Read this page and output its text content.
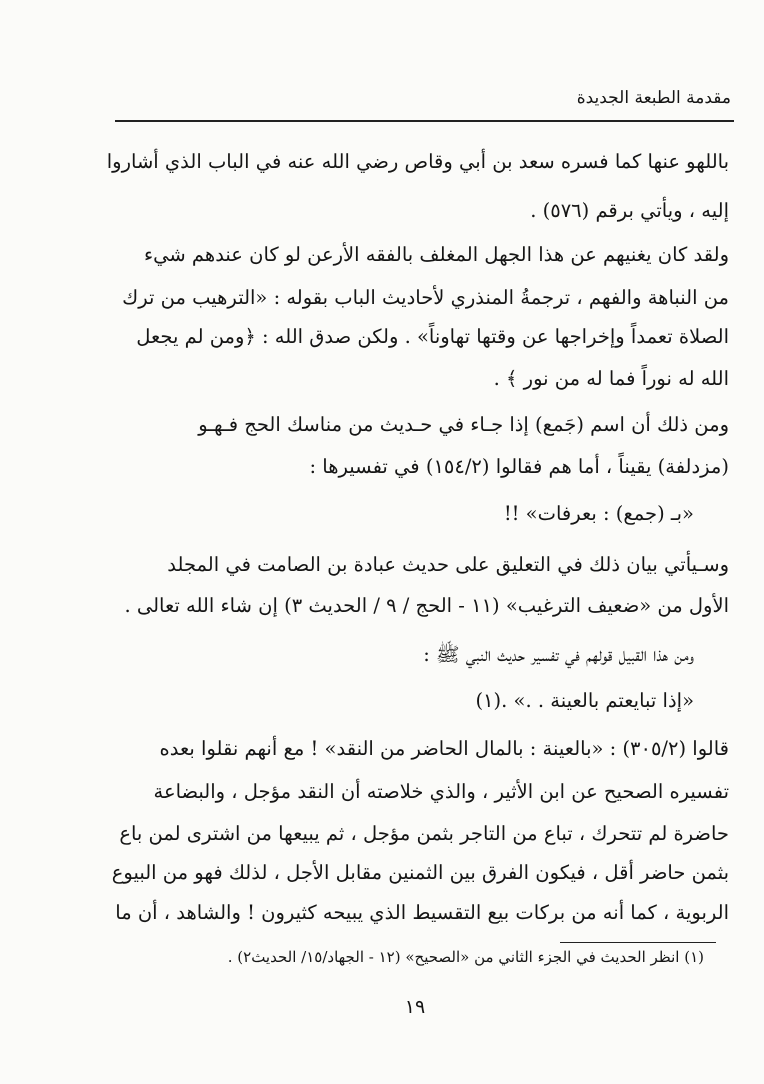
مقدمة الطبعة الجديدة
باللهو عنها كما فسره سعد بن أبي وقاص رضي الله عنه في الباب الذي أشاروا
إليه ، ويأتي برقم (٥٧٦) .
ولقد كان يغنيهم عن هذا الجهل المغلف بالفقه الأرعن لو كان عندهم شيء
من النباهة والفهم ، ترجمةُ المنذري لأحاديث الباب بقوله : «الترهيب من ترك
الصلاة تعمداً وإخراجها عن وقتها تهاوناً» . ولكن صدق الله : ﴿ومن لم يجعل
الله له نوراً فما له من نور ﴾ .
ومن ذلك أن اسم (جَمع) إذا جـاء في حـديث من مناسك الحج فـهـو
(مزدلفة) يقيناً ، أما هم فقالوا (١٥٤/٢) في تفسيرها :
«بـ (جمع) : بعرفات» !!
وسـيأتي بيان ذلك في التعليق على حديث عبادة بن الصامت في المجلد
الأول من «ضعيف الترغيب» (١١ - الحج / ٩ / الحديث ٣) إن شاء الله تعالى .
ومن هذا القبيل قولهم في تفسير حديث النبي ﷺ :
«إذا تبايعتم بالعينة . .» .(١)
قالوا (٣٠٥/٢) : «بالعينة : بالمال الحاضر من النقد» ! مع أنهم نقلوا بعده
تفسيره الصحيح عن ابن الأثير ، والذي خلاصته أن النقد مؤجل ، والبضاعة
حاضرة لم تتحرك ، تباع من التاجر بثمن مؤجل ، ثم يبيعها من اشترى لمن باع
بثمن حاضر أقل ، فيكون الفرق بين الثمنين مقابل الأجل ، لذلك فهو من البيوع
الربوية ، كما أنه من بركات بيع التقسيط الذي يبيحه كثيرون ! والشاهد ، أن ما
(١) انظر الحديث في الجزء الثاني من «الصحيح» (١٢ - الجهاد/١٥/ الحديث٢) .
١٩
